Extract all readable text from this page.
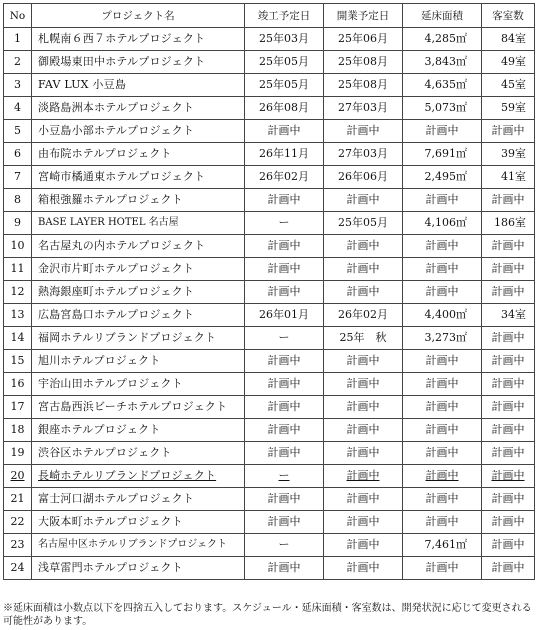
No	プロジェクト名	竣工予定日	開業予定日	延床面積	客室数
1	札幌南６西７ホテルプロジェクト	25年03月	25年06月	4,285㎡	84室
2	御殿場東田中ホテルプロジェクト	25年05月	25年08月	3,843㎡	49室
3	FAV LUX 小豆島	25年05月	25年08月	4,635㎡	45室
4	淡路島洲本ホテルプロジェクト	26年08月	27年03月	5,073㎡	59室
5	小豆島小部ホテルプロジェクト	計画中	計画中	計画中	計画中
6	由布院ホテルプロジェクト	26年11月	27年03月	7,691㎡	39室
7	宮崎市橘通東ホテルプロジェクト	26年02月	26年06月	2,495㎡	41室
8	箱根強羅ホテルプロジェクト	計画中	計画中	計画中	計画中
9	BASE LAYER HOTEL 名古屋	ー	25年05月	4,106㎡	186室
10	名古屋丸の内ホテルプロジェクト	計画中	計画中	計画中	計画中
11	金沢市片町ホテルプロジェクト	計画中	計画中	計画中	計画中
12	熱海銀座町ホテルプロジェクト	計画中	計画中	計画中	計画中
13	広島宮島口ホテルプロジェクト	26年01月	26年02月	4,400㎡	34室
14	福岡ホテルリブランドプロジェクト	ー	25年　秋	3,273㎡	計画中
15	旭川ホテルプロジェクト	計画中	計画中	計画中	計画中
16	宇治山田ホテルプロジェクト	計画中	計画中	計画中	計画中
17	宮古島西浜ビーチホテルプロジェクト	計画中	計画中	計画中	計画中
18	銀座ホテルプロジェクト	計画中	計画中	計画中	計画中
19	渋谷区ホテルプロジェクト	計画中	計画中	計画中	計画中
20	長崎ホテルリブランドプロジェクト	ー	計画中	計画中	計画中
21	富士河口湖ホテルプロジェクト	計画中	計画中	計画中	計画中
22	大阪本町ホテルプロジェクト	計画中	計画中	計画中	計画中
23	名古屋中区ホテルリブランドプロジェクト	ー	計画中	7,461㎡	計画中
24	浅草雷門ホテルプロジェクト	計画中	計画中	計画中	計画中
※延床面積は小数点以下を四捨五入しております。スケジュール・延床面積・客室数は、開発状況に応じて変更される可能性があります。
